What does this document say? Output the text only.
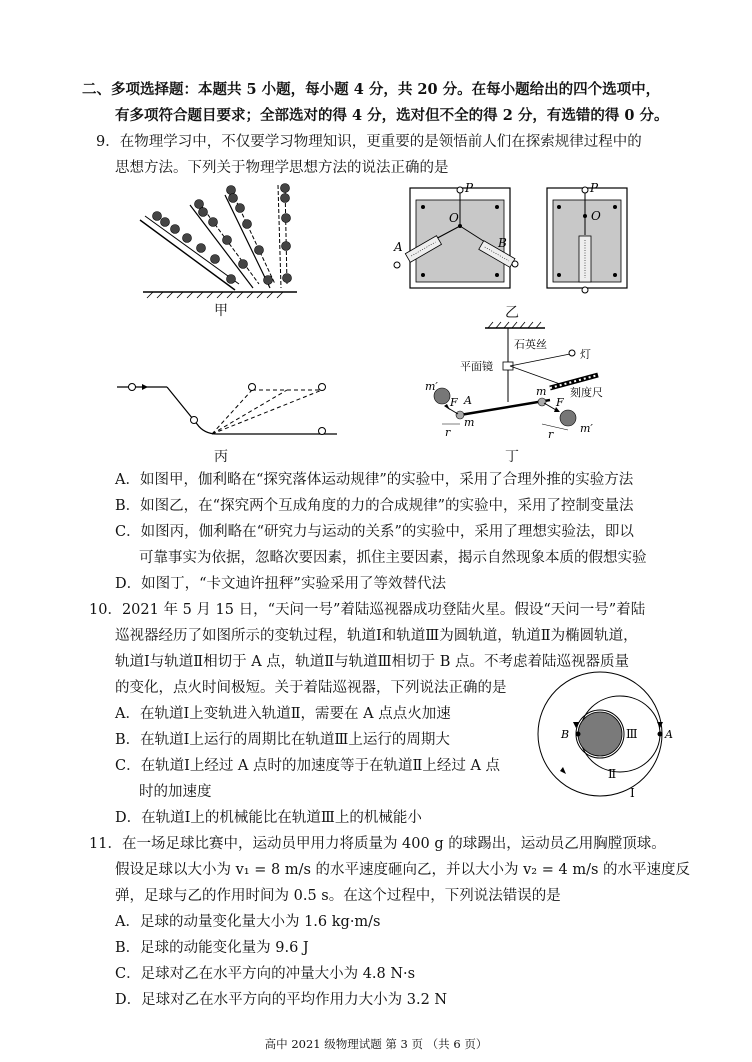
二、多项选择题：本题共 5 小题，每小题 4 分，共 20 分。在每小题给出的四个选项中，
有多项符合题目要求；全部选对的得 4 分，选对但不全的得 2 分，有选错的得 0 分。
9．在物理学习中，不仅要学习物理知识，更重要的是领悟前人们在探索规律过程中的
思想方法。下列关于物理学思想方法的说法正确的是
甲
P
O
A	B
P
O
乙
丙
石英丝
灯
平面镜
刻度尺
m′
m′
A
F	F
m
m
r	r
丁
A．如图甲，伽利略在“探究落体运动规律”的实验中，采用了合理外推的实验方法
B．如图乙，在“探究两个互成角度的力的合成规律”的实验中，采用了控制变量法
C．如图丙，伽利略在“研究力与运动的关系”的实验中，采用了理想实验法，即以
可靠事实为依据，忽略次要因素，抓住主要因素，揭示自然现象本质的假想实验
D．如图丁，“卡文迪许扭秤”实验采用了等效替代法
10．2021 年 5 月 15 日，“天问一号”着陆巡视器成功登陆火星。假设“天问一号”着陆
巡视器经历了如图所示的变轨过程，轨道Ⅰ和轨道Ⅲ为圆轨道，轨道Ⅱ为椭圆轨道，
轨道Ⅰ与轨道Ⅱ相切于 A 点，轨道Ⅱ与轨道Ⅲ相切于 B 点。不考虑着陆巡视器质量
的变化，点火时间极短。关于着陆巡视器，下列说法正确的是
A．在轨道Ⅰ上变轨进入轨道Ⅱ，需要在 A 点点火加速
B．在轨道Ⅰ上运行的周期比在轨道Ⅲ上运行的周期大
C．在轨道Ⅰ上经过 A 点时的加速度等于在轨道Ⅱ上经过 A 点
时的加速度
D．在轨道Ⅰ上的机械能比在轨道Ⅲ上的机械能小
B	A
Ⅲ
Ⅱ
Ⅰ
11．在一场足球比赛中，运动员甲用力将质量为 400 g 的球踢出，运动员乙用胸膛顶球。
假设足球以大小为 v₁ = 8 m/s 的水平速度砸向乙，并以大小为 v₂ = 4 m/s 的水平速度反
弹，足球与乙的作用时间为 0.5 s。在这个过程中，下列说法错误的是
A．足球的动量变化量大小为 1.6 kg·m/s
B．足球的动能变化量为 9.6 J
C．足球对乙在水平方向的冲量大小为 4.8 N·s
D．足球对乙在水平方向的平均作用力大小为 3.2 N
高中 2021 级物理试题 第 3 页 （共 6 页）
